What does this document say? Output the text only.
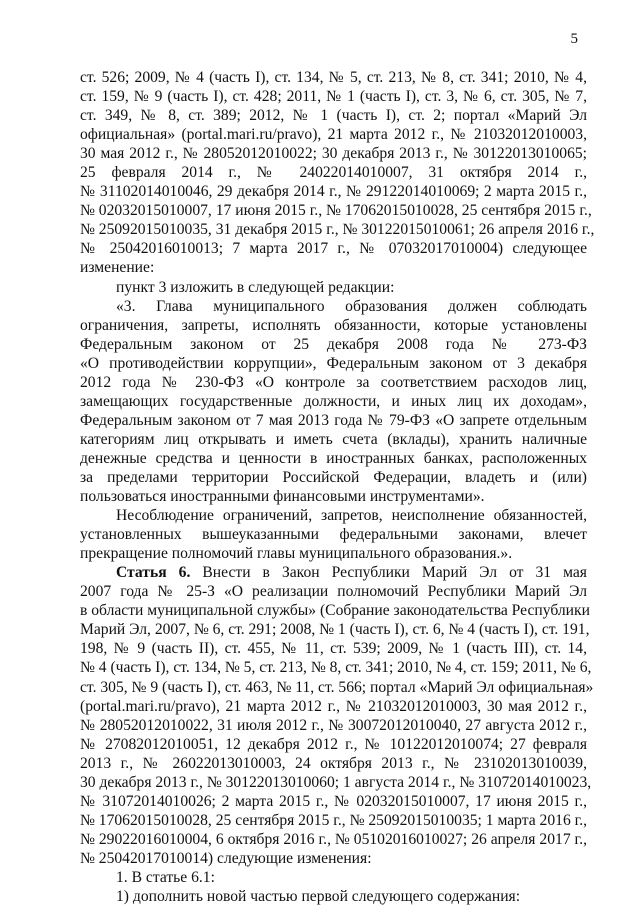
5
ст. 526; 2009, № 4 (часть I), ст. 134, № 5, ст. 213, № 8, ст. 341; 2010, № 4,
ст. 159, № 9 (часть I), ст. 428; 2011, № 1 (часть I), ст. 3, № 6, ст. 305, № 7,
ст. 349, № 8, ст. 389; 2012, № 1 (часть I), ст. 2; портал «Марий Эл
официальная» (portal.mari.ru/pravo), 21 марта 2012 г., № 21032012010003,
30 мая 2012 г., № 28052012010022; 30 декабря 2013 г., № 30122013010065;
25 февраля 2014 г., № 24022014010007, 31 октября 2014 г.,
№ 31102014010046, 29 декабря 2014 г., № 29122014010069; 2 марта 2015 г.,
№ 02032015010007, 17 июня 2015 г., № 17062015010028, 25 сентября 2015 г.,
№ 25092015010035, 31 декабря 2015 г., № 30122015010061; 26 апреля 2016 г.,
№ 25042016010013; 7 марта 2017 г., № 07032017010004) следующее
изменение:
пункт 3 изложить в следующей редакции:
«3. Глава муниципального образования должен соблюдать
ограничения, запреты, исполнять обязанности, которые установлены
Федеральным законом от 25 декабря 2008 года № 273-ФЗ
«О противодействии коррупции», Федеральным законом от 3 декабря
2012 года № 230-ФЗ «О контроле за соответствием расходов лиц,
замещающих государственные должности, и иных лиц их доходам»,
Федеральным законом от 7 мая 2013 года № 79-ФЗ «О запрете отдельным
категориям лиц открывать и иметь счета (вклады), хранить наличные
денежные средства и ценности в иностранных банках, расположенных
за пределами территории Российской Федерации, владеть и (или)
пользоваться иностранными финансовыми инструментами».
Несоблюдение ограничений, запретов, неисполнение обязанностей,
установленных вышеуказанными федеральными законами, влечет
прекращение полномочий главы муниципального образования.».
Статья 6. Внести в Закон Республики Марий Эл от 31 мая
2007 года № 25-З «О реализации полномочий Республики Марий Эл
в области муниципальной службы» (Собрание законодательства Республики
Марий Эл, 2007, № 6, ст. 291; 2008, № 1 (часть I), ст. 6, № 4 (часть I), ст. 191,
198, № 9 (часть II), ст. 455, № 11, ст. 539; 2009, № 1 (часть III), ст. 14,
№ 4 (часть I), ст. 134, № 5, ст. 213, № 8, ст. 341; 2010, № 4, ст. 159; 2011, № 6,
ст. 305, № 9 (часть I), ст. 463, № 11, ст. 566; портал «Марий Эл официальная»
(portal.mari.ru/pravo), 21 марта 2012 г., № 21032012010003, 30 мая 2012 г.,
№ 28052012010022, 31 июля 2012 г., № 30072012010040, 27 августа 2012 г.,
№ 27082012010051, 12 декабря 2012 г., № 10122012010074; 27 февраля
2013 г., № 26022013010003, 24 октября 2013 г., № 23102013010039,
30 декабря 2013 г., № 30122013010060; 1 августа 2014 г., № 31072014010023,
№ 31072014010026; 2 марта 2015 г., № 02032015010007, 17 июня 2015 г.,
№ 17062015010028, 25 сентября 2015 г., № 25092015010035; 1 марта 2016 г.,
№ 29022016010004, 6 октября 2016 г., № 05102016010027; 26 апреля 2017 г.,
№ 25042017010014) следующие изменения:
1. В статье 6.1:
1) дополнить новой частью первой следующего содержания:
